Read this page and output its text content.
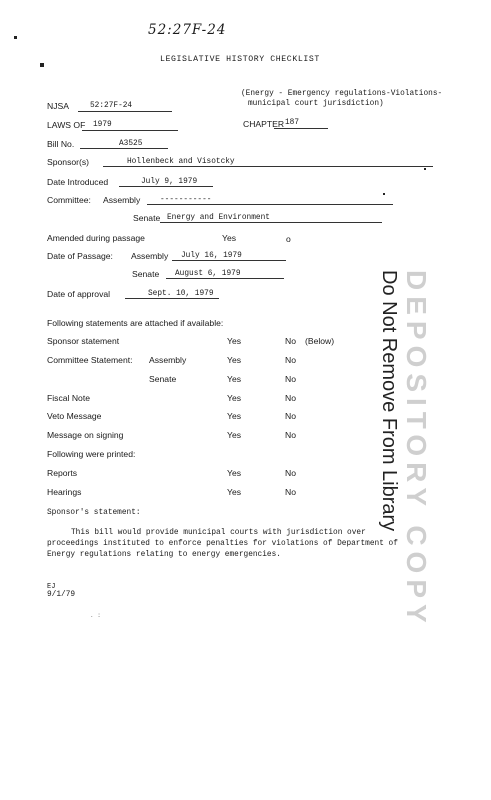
52:27F-24
LEGISLATIVE HISTORY CHECKLIST
(Energy - Emergency regulations-Violations-
municipal court jurisdiction)
NJSA	52:27F-24
LAWS OF 1979	CHAPTER 187
Bill No.	A3525
Sponsor(s)	Hollenbeck and Visotcky
Date Introduced	July 9, 1979
Committee: Assembly	-----------
Senate Energy and Environment
Amended during passage	Yes	o
Date of Passage: Assembly July 16, 1979
Senate August 6, 1979
Date of approval	Sept. 10, 1979
Following statements are attached if available:
Sponsor statement	Yes	No (Below)
Committee Statement: Assembly	Yes	No
Senate	Yes	No
Fiscal Note	Yes	No
Veto Message	Yes	No
Message on signing	Yes	No
Following were printed:
Reports	Yes	No
Hearings	Yes	No
Sponsor's statement:
This bill would provide municipal courts with jurisdiction over proceedings instituted to enforce penalties for violations of Department of Energy regulations relating to energy emergencies.
EJ
9/1/79
. :	DEPOSITORY COPY
Do Not Remove From Library
